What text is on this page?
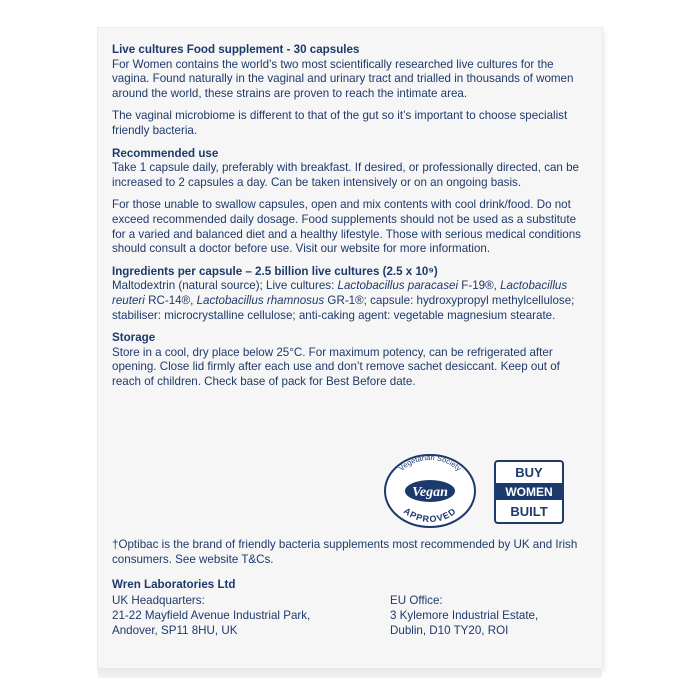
Live cultures Food supplement - 30 capsules

For Women contains the world’s two most scientifically researched live cultures for the vagina. Found naturally in the vaginal and urinary tract and trialled in thousands of women around the world, these strains are proven to reach the intimate area.

The vaginal microbiome is different to that of the gut so it’s important to choose specialist friendly bacteria.

Recommended use

Take 1 capsule daily, preferably with breakfast. If desired, or professionally directed, can be increased to 2 capsules a day. Can be taken intensively or on an ongoing basis.

For those unable to swallow capsules, open and mix contents with cool drink/food. Do not exceed recommended daily dosage. Food supplements should not be used as a substitute for a varied and balanced diet and a healthy lifestyle. Those with serious medical conditions should consult a doctor before use. Visit our website for more information.

Ingredients per capsule – 2.5 billion live cultures (2.5 x 10⁹)

Maltodextrin (natural source); Live cultures: Lactobacillus paracasei F-19®, Lactobacillus reuteri RC-14®, Lactobacillus rhamnosus GR-1®; capsule: hydroxypropyl methylcellulose; stabiliser: microcrystalline cellulose; anti-caking agent: vegetable magnesium stearate.

Storage

Store in a cool, dry place below 25°C. For maximum potency, can be refrigerated after opening. Close lid firmly after each use and don’t remove sachet desiccant. Keep out of reach of children. Check base of pack for Best Before date.

Vegetarian Society
Vegan
APPROVED
BUY
WOMEN
BUILT
†Optibac is the brand of friendly bacteria supplements most recommended by UK and Irish consumers. See website T&Cs.
Wren Laboratories Ltd
UK Headquarters:
21-22 Mayfield Avenue Industrial Park,
Andover, SP11 8HU, UK
EU Office:
3 Kylemore Industrial Estate,
Dublin, D10 TY20, ROI
